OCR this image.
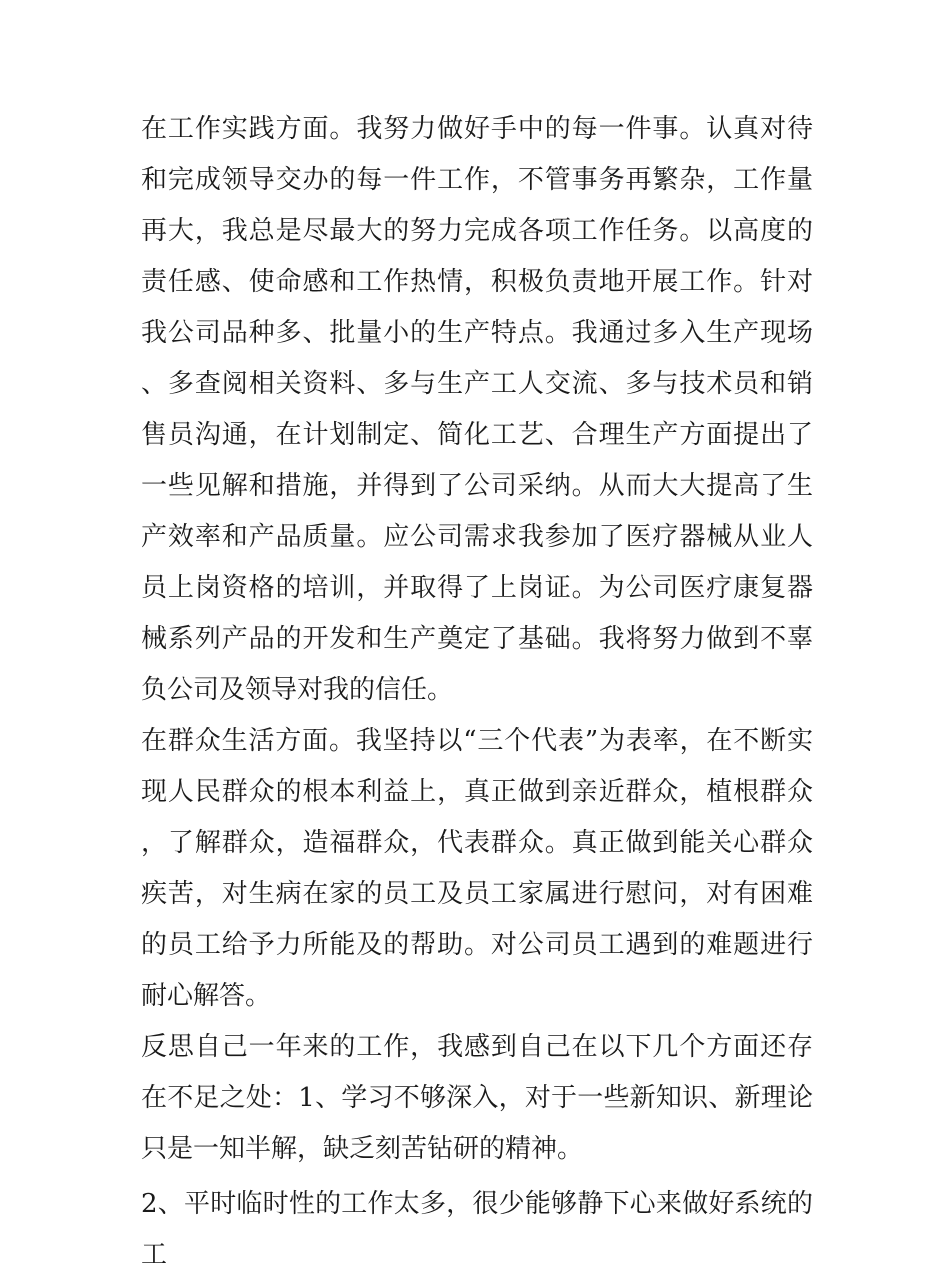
在工作实践方面。我努力做好手中的每一件事。认真对待和完成领导交办的每一件工作，不管事务再繁杂，工作量再大，我总是尽最大的努力完成各项工作任务。以高度的责任感、使命感和工作热情，积极负责地开展工作。针对我公司品种多、批量小的生产特点。我通过多入生产现场、多查阅相关资料、多与生产工人交流、多与技术员和销售员沟通，在计划制定、简化工艺、合理生产方面提出了一些见解和措施，并得到了公司采纳。从而大大提高了生产效率和产品质量。应公司需求我参加了医疗器械从业人员上岗资格的培训，并取得了上岗证。为公司医疗康复器械系列产品的开发和生产奠定了基础。我将努力做到不辜负公司及领导对我的信任。

在群众生活方面。我坚持以“三个代表”为表率，在不断实现人民群众的根本利益上，真正做到亲近群众，植根群众，了解群众，造福群众，代表群众。真正做到能关心群众疾苦，对生病在家的员工及员工家属进行慰问，对有困难的员工给予力所能及的帮助。对公司员工遇到的难题进行耐心解答。

反思自己一年来的工作，我感到自己在以下几个方面还存在不足之处：1、学习不够深入，对于一些新知识、新理论只是一知半解，缺乏刻苦钻研的精神。

2、平时临时性的工作太多，很少能够静下心来做好系统的工
